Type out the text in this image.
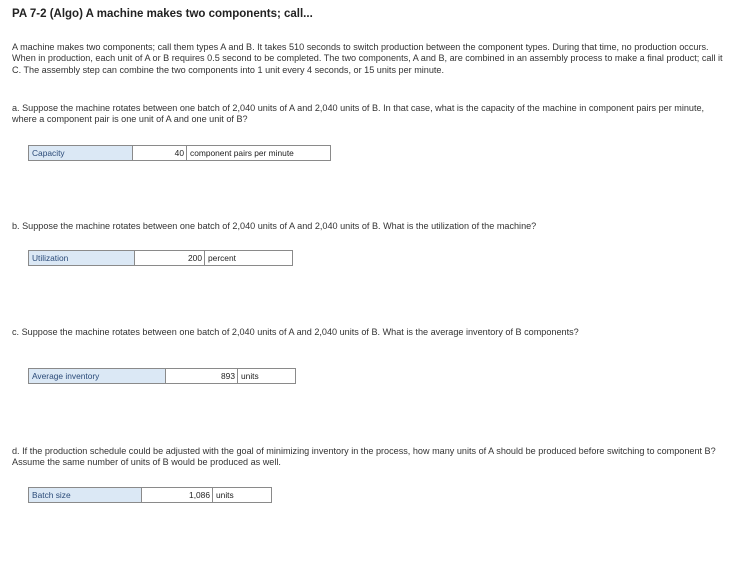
PA 7-2 (Algo) A machine makes two components; call...
A machine makes two components; call them types A and B. It takes 510 seconds to switch production between the component types. During that time, no production occurs. When in production, each unit of A or B requires 0.5 second to be completed. The two components, A and B, are combined in an assembly process to make a final product; call it C. The assembly step can combine the two components into 1 unit every 4 seconds, or 15 units per minute.
a. Suppose the machine rotates between one batch of 2,040 units of A and 2,040 units of B. In that case, what is the capacity of the machine in component pairs per minute, where a component pair is one unit of A and one unit of B?
Capacity	40 component pairs per minute
b. Suppose the machine rotates between one batch of 2,040 units of A and 2,040 units of B. What is the utilization of the machine?
Utilization	200 percent
c. Suppose the machine rotates between one batch of 2,040 units of A and 2,040 units of B. What is the average inventory of B components?
Average inventory	893 units
d. If the production schedule could be adjusted with the goal of minimizing inventory in the process, how many units of A should be produced before switching to component B? Assume the same number of units of B would be produced as well.
Batch size	1,086 units
